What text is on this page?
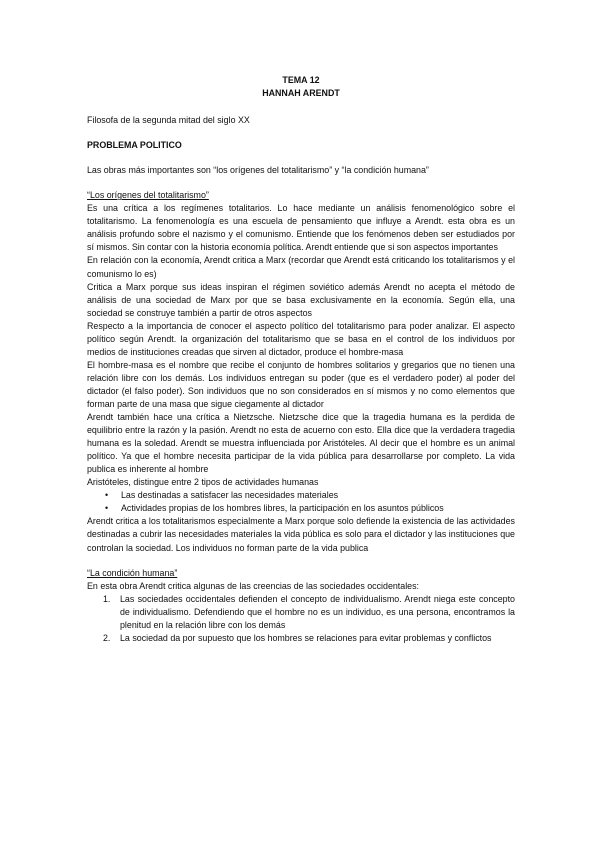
TEMA 12

HANNAH ARENDT

Filosofa de la segunda mitad del siglo XX

PROBLEMA POLITICO

Las obras más importantes son “los orígenes del totalitarismo” y “la condición humana”

“Los orígenes del totalitarismo”

Es una crítica a los regímenes totalitarios. Lo hace mediante un análisis fenomenológico sobre el totalitarismo. La fenomenología es una escuela de pensamiento que influye a Arendt. esta obra es un análisis profundo sobre el nazismo y el comunismo. Entiende que los fenómenos deben ser estudiados por sí mismos. Sin contar con la historia economía política. Arendt entiende que si son aspectos importantes

En relación con la economía, Arendt critica a Marx (recordar que Arendt está criticando los totalitarismos y el comunismo lo es)

Critica a Marx porque sus ideas inspiran el régimen soviético además Arendt no acepta el método de análisis de una sociedad de Marx por que se basa exclusivamente en la economía. Según ella, una sociedad se construye también a partir de otros aspectos

Respecto a la importancia de conocer el aspecto político del totalitarismo para poder analizar. El aspecto político según Arendt. la organización del totalitarismo que se basa en el control de los individuos por medios de instituciones creadas que sirven al dictador, produce el hombre-masa

El hombre-masa es el nombre que recibe el conjunto de hombres solitarios y gregarios que no tienen una relación libre con los demás. Los individuos entregan su poder (que es el verdadero poder) al poder del dictador (el falso poder). Son individuos que no son considerados en sí mismos y no como elementos que forman parte de una masa que sigue ciegamente al dictador

Arendt también hace una crítica a Nietzsche. Nietzsche dice que la tragedia humana es la perdida de equilibrio entre la razón y la pasión. Arendt no esta de acuerno con esto. Ella dice que la verdadera tragedia humana es la soledad. Arendt se muestra influenciada por Aristóteles. Al decir que el hombre es un animal político. Ya que el hombre necesita participar de la vida pública para desarrollarse por completo. La vida publica es inherente al hombre

Aristóteles, distingue entre 2 tipos de actividades humanas

• Las destinadas a satisfacer las necesidades materiales
• Actividades propias de los hombres libres, la participación en los asuntos públicos

Arendt critica a los totalitarismos especialmente a Marx porque solo defiende la existencia de las actividades destinadas a cubrir las necesidades materiales la vida pública es solo para el dictador y las instituciones que controlan la sociedad. Los individuos no forman parte de la vida publica

“La condición humana”

En esta obra Arendt critica algunas de las creencias de las sociedades occidentales:

1. Las sociedades occidentales defienden el concepto de individualismo. Arendt niega este concepto de individualismo. Defendiendo que el hombre no es un individuo, es una persona, encontramos la plenitud en la relación libre con los demás
2. La sociedad da por supuesto que los hombres se relaciones para evitar problemas y conflictos
